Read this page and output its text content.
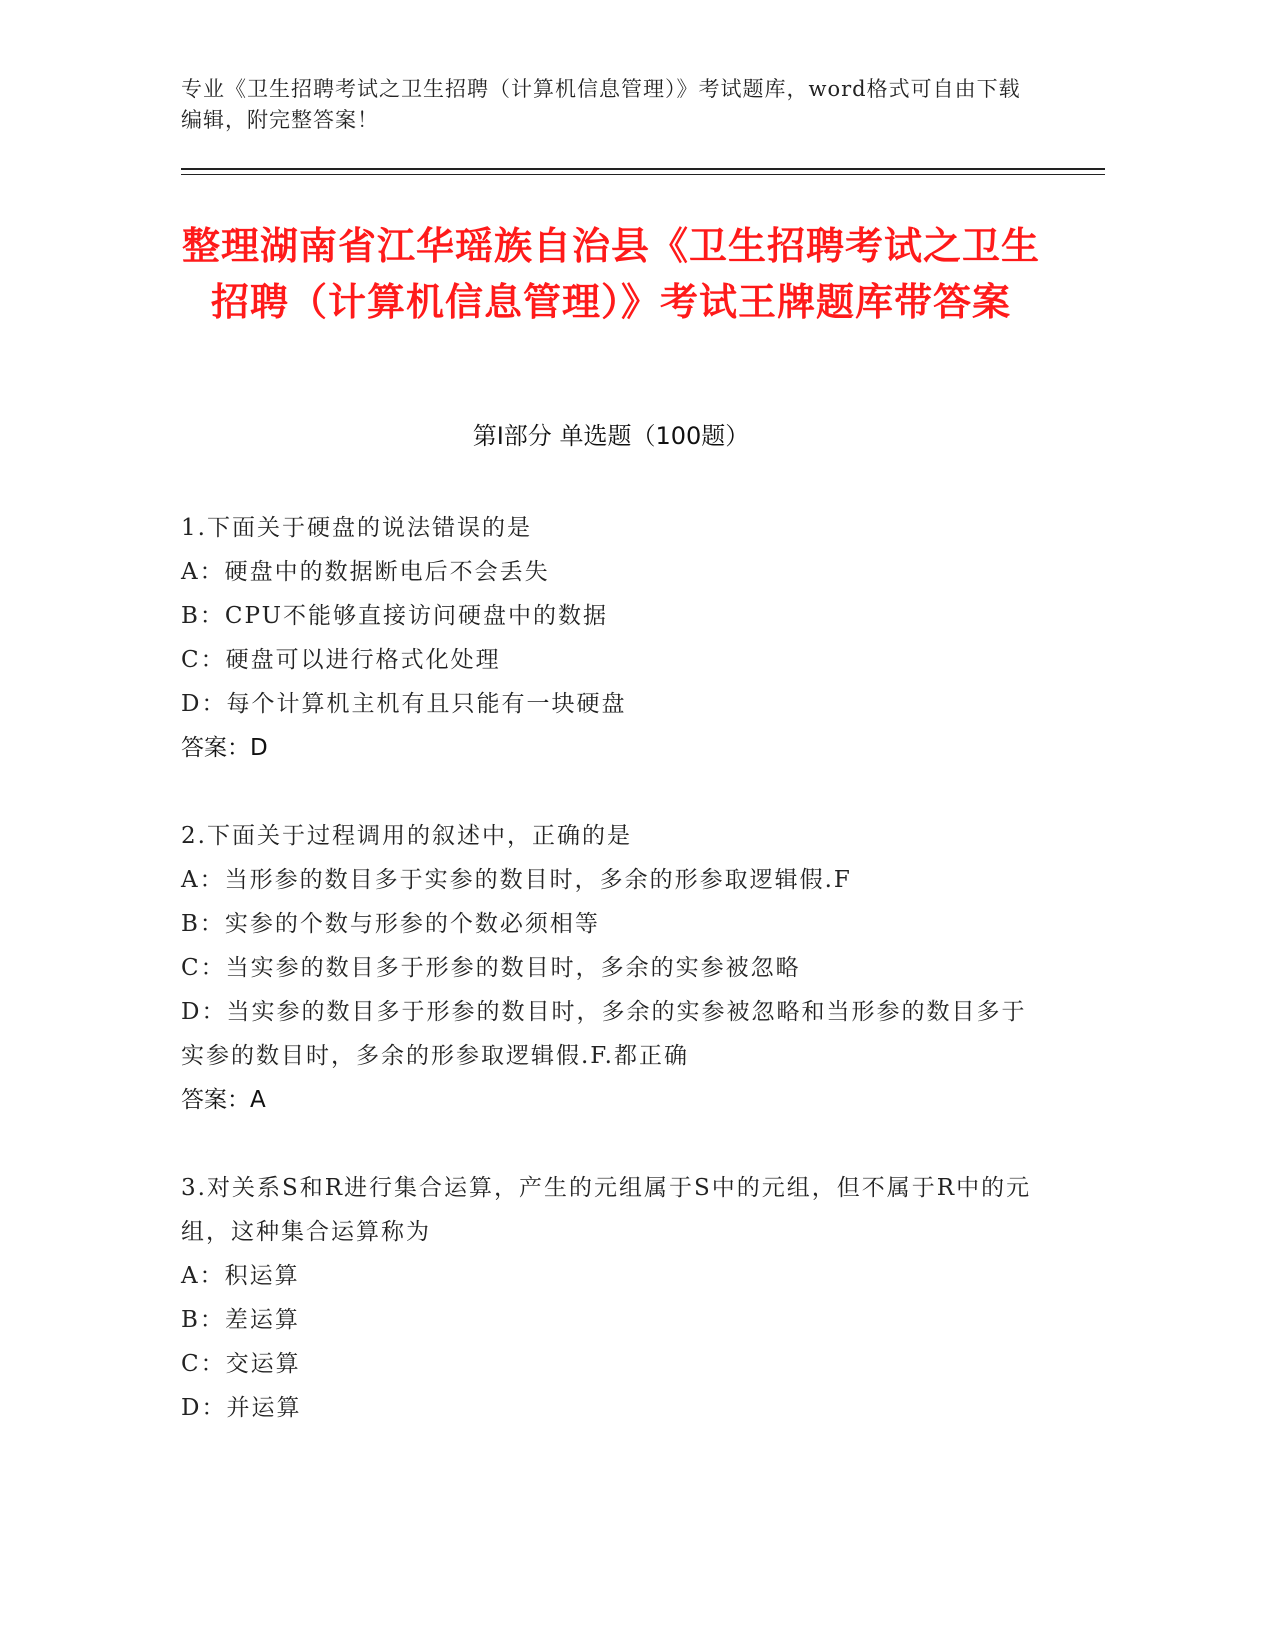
专业《卫生招聘考试之卫生招聘（计算机信息管理）》考试题库，word格式可自由下载编辑，附完整答案！
整理湖南省江华瑶族自治县《卫生招聘考试之卫生招聘（计算机信息管理）》考试王牌题库带答案
第Ⅰ部分 单选题（100题）
1.下面关于硬盘的说法错误的是
A：硬盘中的数据断电后不会丢失
B：CPU不能够直接访问硬盘中的数据
C：硬盘可以进行格式化处理
D：每个计算机主机有且只能有一块硬盘
答案：D
2.下面关于过程调用的叙述中，正确的是
A：当形参的数目多于实参的数目时，多余的形参取逻辑假.F
B：实参的个数与形参的个数必须相等
C：当实参的数目多于形参的数目时，多余的实参被忽略
D：当实参的数目多于形参的数目时，多余的实参被忽略和当形参的数目多于实参的数目时，多余的形参取逻辑假.F.都正确
答案：A
3.对关系S和R进行集合运算，产生的元组属于S中的元组，但不属于R中的元组，这种集合运算称为
A：积运算
B：差运算
C：交运算
D：并运算
